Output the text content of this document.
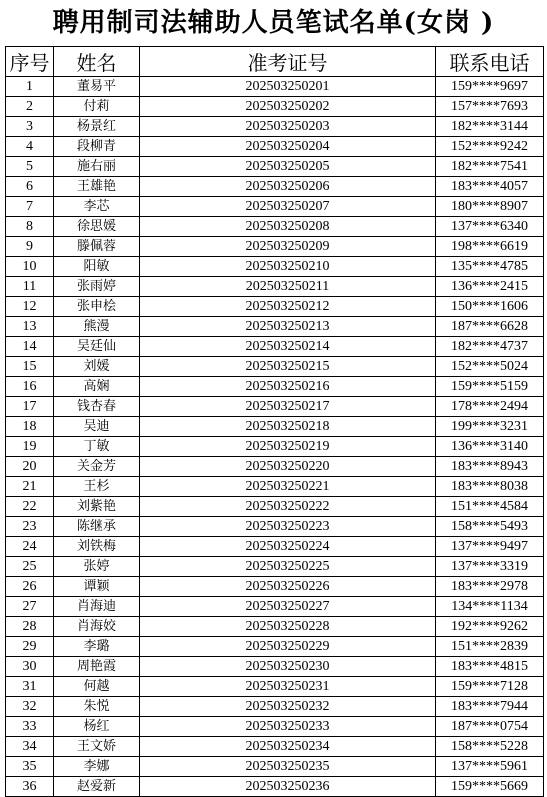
聘用制司法辅助人员笔试名单(女岗 )
序号	姓名	准考证号	联系电话
1	董易平	202503250201	159****9697
2	付莉	202503250202	157****7693
3	杨景红	202503250203	182****3144
4	段柳青	202503250204	152****9242
5	施右丽	202503250205	182****7541
6	王雄艳	202503250206	183****4057
7	李芯	202503250207	180****8907
8	徐思媛	202503250208	137****6340
9	滕佩蓉	202503250209	198****6619
10	阳敏	202503250210	135****4785
11	张雨婷	202503250211	136****2415
12	张申桧	202503250212	150****1606
13	熊漫	202503250213	187****6628
14	吴廷仙	202503250214	182****4737
15	刘媛	202503250215	152****5024
16	高娴	202503250216	159****5159
17	钱杏春	202503250217	178****2494
18	吴迪	202503250218	199****3231
19	丁敏	202503250219	136****3140
20	关金芳	202503250220	183****8943
21	王杉	202503250221	183****8038
22	刘紫艳	202503250222	151****4584
23	陈继承	202503250223	158****5493
24	刘铁梅	202503250224	137****9497
25	张婷	202503250225	137****3319
26	谭颖	202503250226	183****2978
27	肖海迪	202503250227	134****1134
28	肖海姣	202503250228	192****9262
29	李璐	202503250229	151****2839
30	周艳霞	202503250230	183****4815
31	何越	202503250231	159****7128
32	朱悦	202503250232	183****7944
33	杨红	202503250233	187****0754
34	王文娇	202503250234	158****5228
35	李娜	202503250235	137****5961
36	赵爱新	202503250236	159****5669
